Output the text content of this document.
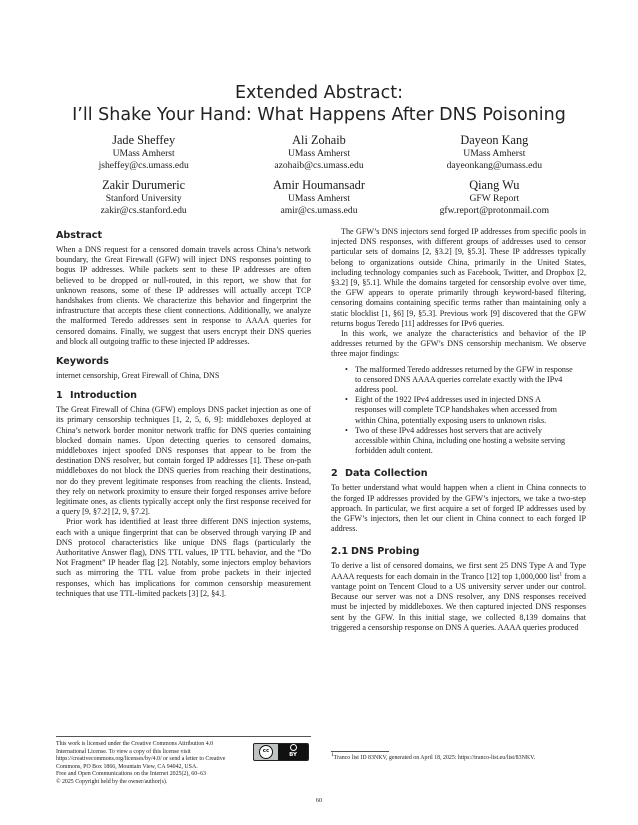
Extended Abstract:
I’ll Shake Your Hand: What Happens After DNS Poisoning
Jade Sheffey
UMass Amherst
jsheffey@cs.umass.edu
Ali Zohaib
UMass Amherst
azohaib@cs.umass.edu
Dayeon Kang
UMass Amherst
dayeonkang@umass.edu
Zakir Durumeric
Stanford University
zakir@cs.stanford.edu
Amir Houmansadr
UMass Amherst
amir@cs.umass.edu
Qiang Wu
GFW Report
gfw.report@protonmail.com
Abstract

When a DNS request for a censored domain travels across China’s network boundary, the Great Firewall (GFW) will inject DNS responses pointing to bogus IP addresses. While packets sent to these IP addresses are often believed to be dropped or null-routed, in this report, we show that for unknown reasons, some of these IP addresses will actually accept TCP handshakes from clients. We characterize this behavior and fingerprint the infrastructure that accepts these client connections. Additionally, we analyze the malformed Teredo addresses sent in response to AAAA queries for censored domains. Finally, we suggest that users encrypt their DNS queries and block all outgoing traffic to these injected IP addresses.

Keywords

internet censorship, Great Firewall of China, DNS

1 Introduction

The Great Firewall of China (GFW) employs DNS packet injection as one of its primary censorship techniques [1, 2, 5, 6, 9]: middleboxes deployed at China’s network border monitor network traffic for DNS queries containing blocked domain names. Upon detecting queries to censored domains, middleboxes inject spoofed DNS responses that appear to be from the destination DNS resolver, but contain forged IP addresses [1]. These on-path middleboxes do not block the DNS queries from reaching their destinations, nor do they prevent legitimate responses from reaching the clients. Instead, they rely on network proximity to ensure their forged responses arrive before legitimate ones, as clients typically accept only the first response received for a query [9, §7.2] [2, 9, §7.2].

Prior work has identified at least three different DNS injection systems, each with a unique fingerprint that can be observed through varying IP and DNS protocol characteristics like unique DNS flags (particularly the Authoritative Answer flag), DNS TTL values, IP TTL behavior, and the “Do Not Fragment” IP header flag [2]. Notably, some injectors employ behaviors such as mirroring the TTL value from probe packets in their injected responses, which has implications for common censorship measurement techniques that use TTL-limited packets [3] [2, §4.].

The GFW’s DNS injectors send forged IP addresses from specific pools in injected DNS responses, with different groups of addresses used to censor particular sets of domains [2, §3.2] [9, §5.3]. These IP addresses typically belong to organizations outside China, primarily in the United States, including technology companies such as Facebook, Twitter, and Dropbox [2, §3.2] [9, §5.1]. While the domains targeted for censorship evolve over time, the GFW appears to operate primarily through keyword-based filtering, censoring domains containing specific terms rather than maintaining only a static blocklist [1, §6] [9, §5.3]. Previous work [9] discovered that the GFW returns bogus Teredo [11] addresses for IPv6 queries.

In this work, we analyze the characteristics and behavior of the IP addresses returned by the GFW’s DNS censorship mechanism. We observe three major findings:

• The malformed Teredo addresses returned by the GFW in response to censored DNS AAAA queries correlate exactly with the IPv4 address pool.
• Eight of the 1922 IPv4 addresses used in injected DNS A responses will complete TCP handshakes when accessed from within China, potentially exposing users to unknown risks.
• Two of these IPv4 addresses host servers that are actively accessible within China, including one hosting a website serving forbidden adult content.
2 Data Collection

To better understand what would happen when a client in China connects to the forged IP addresses provided by the GFW’s injectors, we take a two-step approach. In particular, we first acquire a set of forged IP addresses used by the GFW’s injectors, then let our client in China connect to each forged IP address.

2.1 DNS Probing

To derive a list of censored domains, we first sent 25 DNS Type A and Type AAAA requests for each domain in the Tranco [12] top 1,000,000 list$^1$ from a vantage point on Tencent Cloud to a US university server under our control. Because our server was not a DNS resolver, any DNS responses received must be injected by middleboxes. We then captured injected DNS responses sent by the GFW. In this initial stage, we collected 8,139 domains that triggered a censorship response on DNS A queries. AAAA queries produced

This work is licensed under the Creative Commons Attribution 4.0 International License. To view a copy of this license visit https://creativecommons.org/licenses/by/4.0/ or send a letter to Creative Commons, PO Box 1866, Mountain View, CA 94042, USA.
Free and Open Communications on the Internet 2025(2), 60–63
© 2025 Copyright held by the owner/author(s).
cc
BY	$^1$Tranco list ID 83NKV, generated on April 18, 2025: https://tranco-list.eu/list/83NKV.
60
